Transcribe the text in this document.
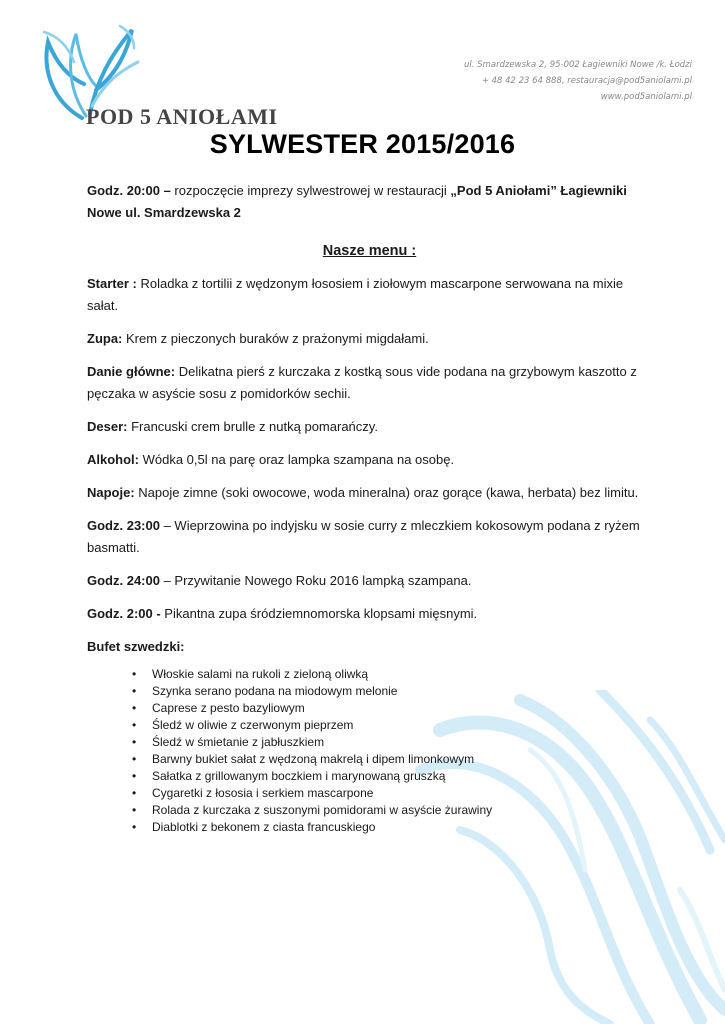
POD 5 ANIOŁAMI
ul. Smardzewska 2, 95-002 Łagiewniki Nowe /k. Łodzi
+ 48 42 23 64 888, restauracja@pod5aniolami.pl
www.pod5aniolami.pl
SYLWESTER 2015/2016

Godz. 20:00 – rozpoczęcie imprezy sylwestrowej w restauracji „Pod 5 Aniołami” Łagiewniki Nowe ul. Smardzewska 2

Nasze menu :

Starter : Roladka z tortilii z wędzonym łososiem i ziołowym mascarpone serwowana na mixie sałat.

Zupa: Krem z pieczonych buraków z prażonymi migdałami.

Danie główne: Delikatna pierś z kurczaka z kostką sous vide podana na grzybowym kaszotto z pęczaka w asyście sosu z pomidorków sechii.

Deser: Francuski crem brulle z nutką pomarańczy.

Alkohol: Wódka 0,5l na parę oraz lampka szampana na osobę.

Napoje: Napoje zimne (soki owocowe, woda mineralna) oraz gorące (kawa, herbata) bez limitu.

Godz. 23:00 – Wieprzowina po indyjsku w sosie curry z mleczkiem kokosowym podana z ryżem basmatti.

Godz. 24:00 – Przywitanie Nowego Roku 2016 lampką szampana.

Godz. 2:00 - Pikantna zupa śródziemnomorska klopsami mięsnymi.

Bufet szwedzki:

• Włoskie salami na rukoli z zieloną oliwką
• Szynka serano podana na miodowym melonie
• Caprese z pesto bazyliowym
• Śledź w oliwie z czerwonym pieprzem
• Śledź w śmietanie z jabłuszkiem
• Barwny bukiet sałat z wędzoną makrelą i dipem limonkowym
• Sałatka z grillowanym boczkiem i marynowaną gruszką
• Cygaretki z łososia i serkiem mascarpone
• Rolada z kurczaka z suszonymi pomidorami w asyście żurawiny
• Diablotki z bekonem z ciasta francuskiego
